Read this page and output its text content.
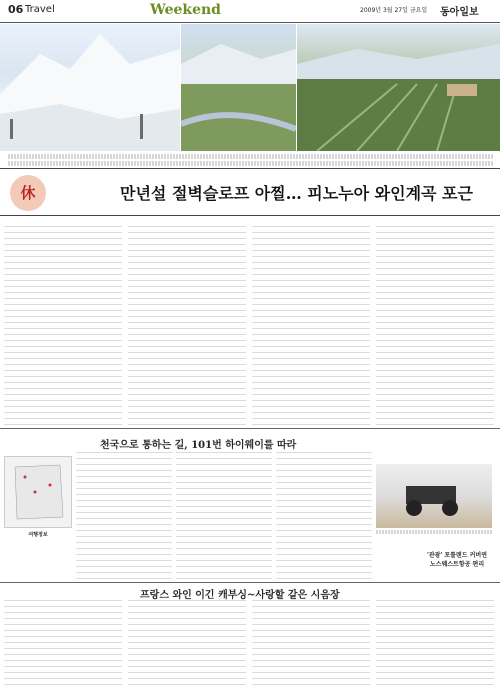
06 Travel	Weekend	2009년 3월 27일 금요일 동아일보
休	만년설 절벽슬로프 아찔… 피노누아 와인계곡 포근
천국으로 통하는 길, 101번 하이웨이를 따라
여행정보
'관광' 포틀랜드 커버연
노스웨스트항공 편리
프랑스 와인 이긴 캐부싱~사랑할 같은 시음장
